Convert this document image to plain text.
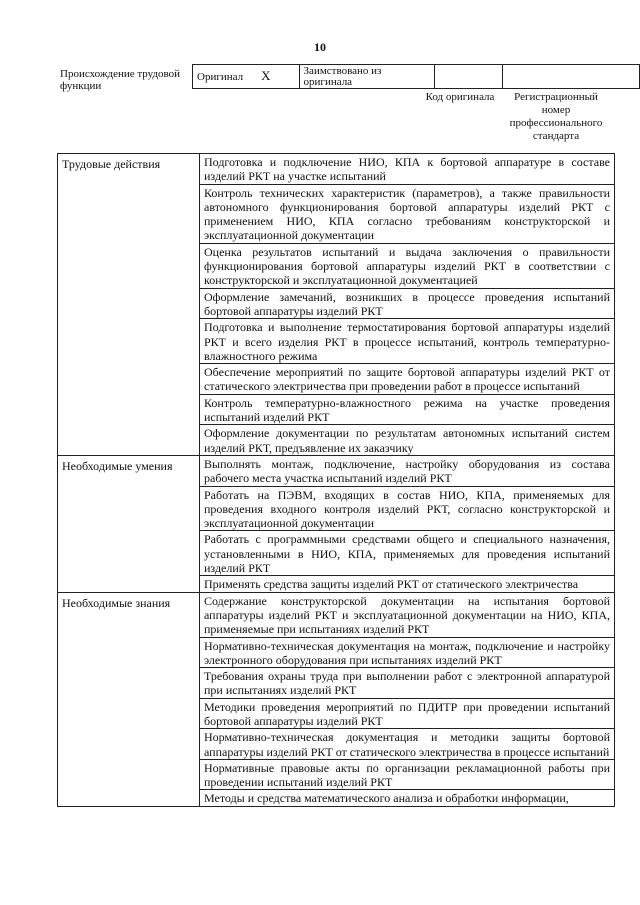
10
Происхождение трудовой функции
Оригинал X	Заимствовано из оригинала		
Код оригинала	Регистрационный номер профессионального стандарта
Трудовые действия	Подготовка и подключение НИО, КПА к бортовой аппаратуре в составе изделий РКТ на участке испытаний
	Контроль технических характеристик (параметров), а также правильности автономного функционирования бортовой аппаратуры изделий РКТ с применением НИО, КПА согласно требованиям конструкторской и эксплуатационной документации
	Оценка результатов испытаний и выдача заключения о правильности функционирования бортовой аппаратуры изделий РКТ в соответствии с конструкторской и эксплуатационной документацией
	Оформление замечаний, возникших в процессе проведения испытаний бортовой аппаратуры изделий РКТ
	Подготовка и выполнение термостатирования бортовой аппаратуры изделий РКТ и всего изделия РКТ в процессе испытаний, контроль температурно-влажностного режима
	Обеспечение мероприятий по защите бортовой аппаратуры изделий РКТ от статического электричества при проведении работ в процессе испытаний
	Контроль температурно-влажностного режима на участке проведения испытаний изделий РКТ
	Оформление документации по результатам автономных испытаний систем изделий РКТ, предъявление их заказчику
Необходимые умения	Выполнять монтаж, подключение, настройку оборудования из состава рабочего места участка испытаний изделий РКТ
	Работать на ПЭВМ, входящих в состав НИО, КПА, применяемых для проведения входного контроля изделий РКТ, согласно конструкторской и эксплуатационной документации
	Работать с программными средствами общего и специального назначения, установленными в НИО, КПА, применяемых для проведения испытаний изделий РКТ
	Применять средства защиты изделий РКТ от статического электричества
Необходимые знания	Содержание конструкторской документации на испытания бортовой аппаратуры изделий РКТ и эксплуатационной документации на НИО, КПА, применяемые при испытаниях изделий РКТ
	Нормативно-техническая документация на монтаж, подключение и настройку электронного оборудования при испытаниях изделий РКТ
	Требования охраны труда при выполнении работ с электронной аппаратурой при испытаниях изделий РКТ
	Методики проведения мероприятий по ПДИТР при проведении испытаний бортовой аппаратуры изделий РКТ
	Нормативно-техническая документация и методики защиты бортовой аппаратуры изделий РКТ от статического электричества в процессе испытаний
	Нормативные правовые акты по организации рекламационной работы при проведении испытаний изделий РКТ
	Методы и средства математического анализа и обработки информации,
